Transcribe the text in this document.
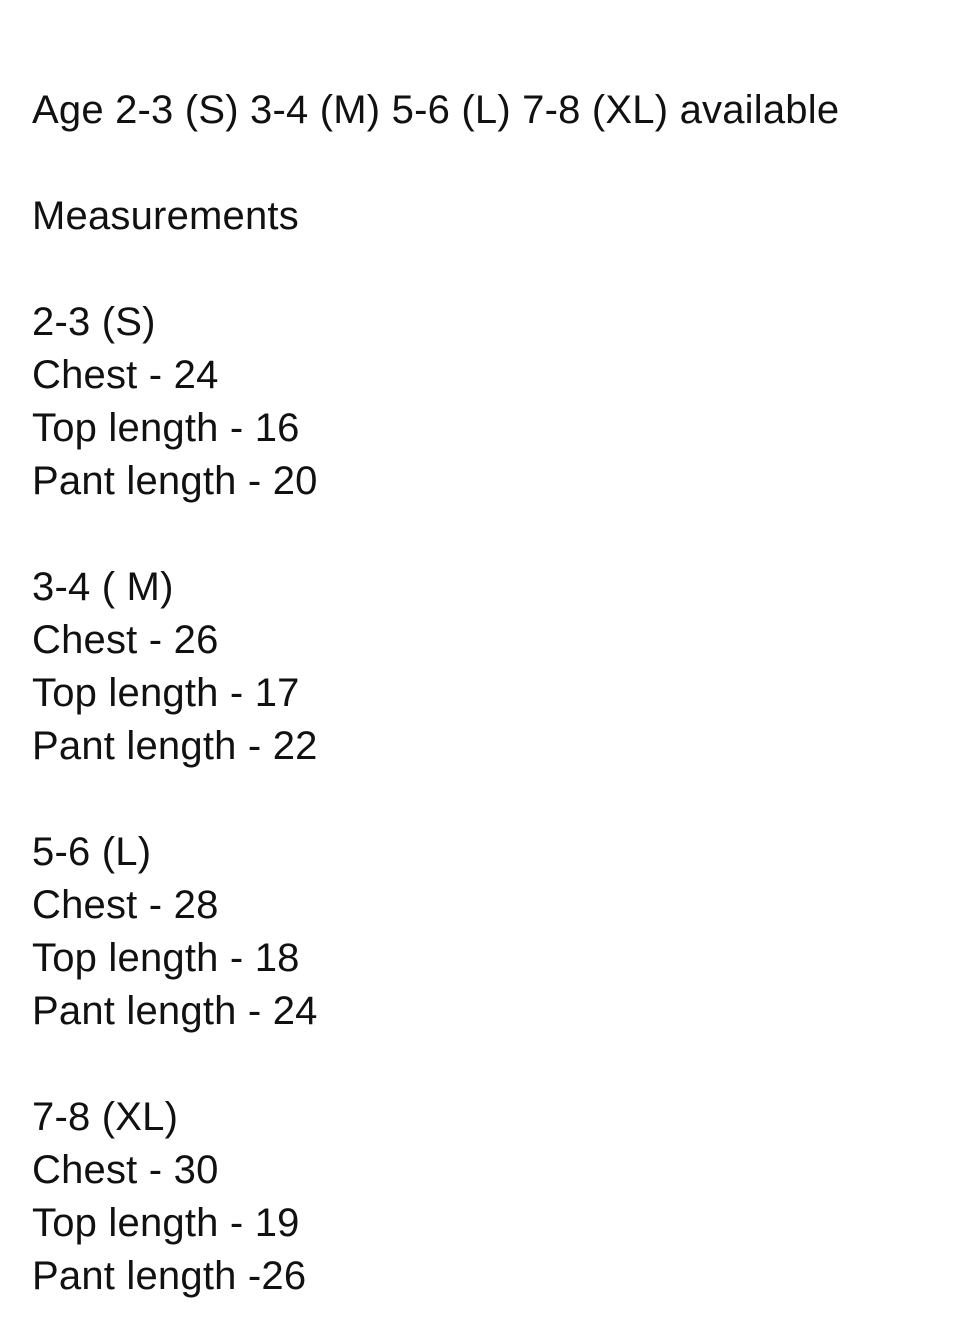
Age 2-3 (S) 3-4 (M) 5-6 (L) 7-8 (XL) available
Measurements
2-3 (S)
Chest - 24
Top length - 16
Pant length - 20
3-4 ( M)
Chest - 26
Top length - 17
Pant length - 22
5-6 (L)
Chest - 28
Top length - 18
Pant length - 24
7-8 (XL)
Chest - 30
Top length - 19
Pant length -26
